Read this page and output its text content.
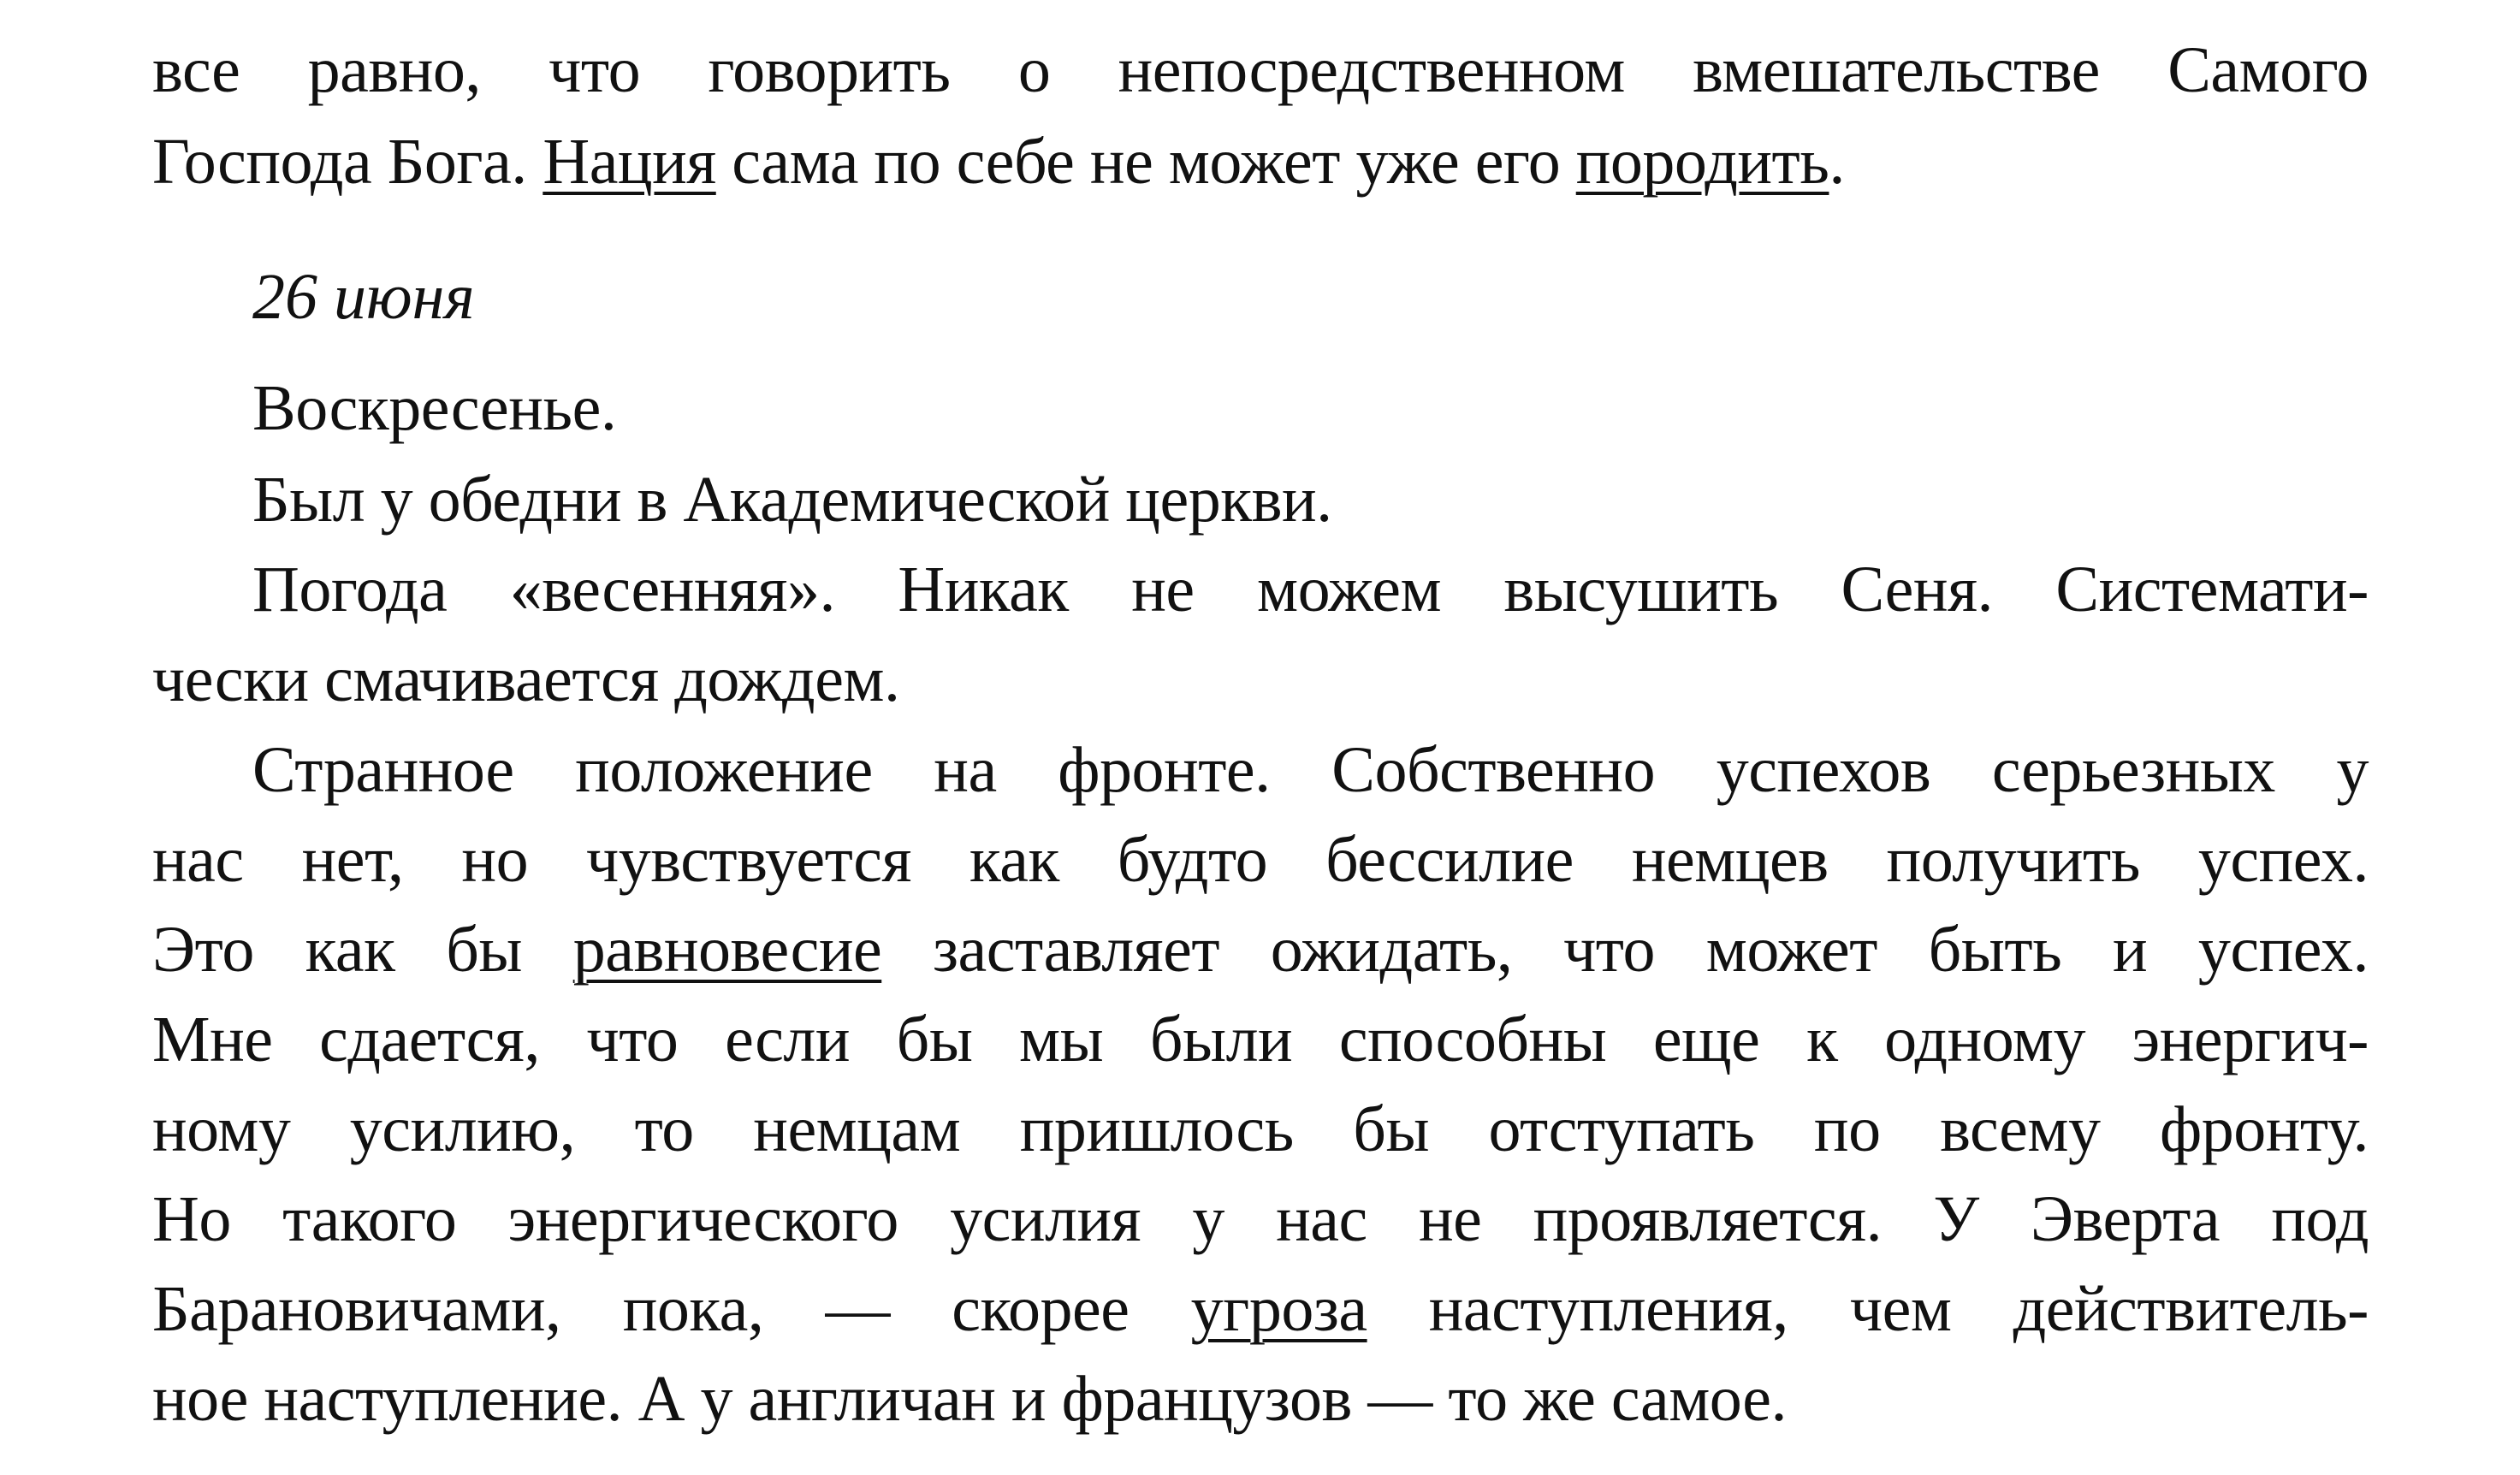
все равно, что говорить о непосредственном вмешательстве Самого
Господа Бога. Нация сама по себе не может уже его породить.
26 июня
Воскресенье.
Был у обедни в Академической церкви.
Погода «весенняя». Никак не можем высушить Сеня. Системати-
чески смачивается дождем.
Странное положение на фронте. Собственно успехов серьезных у
нас нет, но чувствуется как будто бессилие немцев получить успех.
Это как бы равновесие заставляет ожидать, что может быть и успех.
Мне сдается, что если бы мы были способны еще к одному энергич-
ному усилию, то немцам пришлось бы отступать по всему фронту.
Но такого энергического усилия у нас не проявляется. У Эверта под
Барановичами, пока, — скорее угроза наступления, чем действитель-
ное наступление. А у англичан и французов — то же самое.
